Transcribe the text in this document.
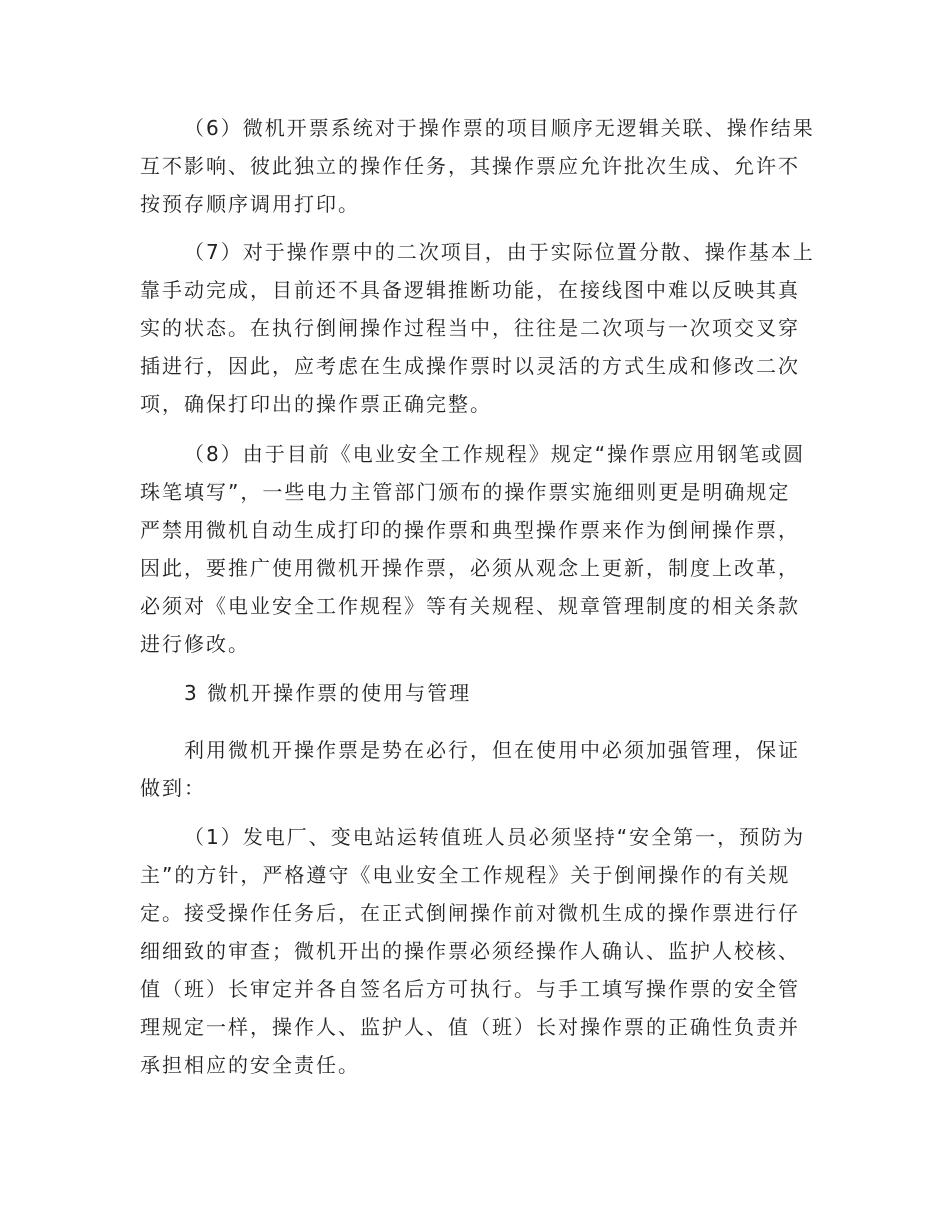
（6）微机开票系统对于操作票的项目顺序无逻辑关联、操作结果
互不影响、彼此独立的操作任务，其操作票应允许批次生成、允许不
按预存顺序调用打印。
（7）对于操作票中的二次项目，由于实际位置分散、操作基本上
靠手动完成，目前还不具备逻辑推断功能，在接线图中难以反映其真
实的状态。在执行倒闸操作过程当中，往往是二次项与一次项交叉穿
插进行，因此，应考虑在生成操作票时以灵活的方式生成和修改二次
项，确保打印出的操作票正确完整。
（8）由于目前《电业安全工作规程》规定“操作票应用钢笔或圆
珠笔填写”，一些电力主管部门颁布的操作票实施细则更是明确规定
严禁用微机自动生成打印的操作票和典型操作票来作为倒闸操作票，
因此，要推广使用微机开操作票，必须从观念上更新，制度上改革，
必须对《电业安全工作规程》等有关规程、规章管理制度的相关条款
进行修改。
3 微机开操作票的使用与管理
利用微机开操作票是势在必行，但在使用中必须加强管理，保证
做到：
（1）发电厂、变电站运转值班人员必须坚持“安全第一，预防为
主”的方针，严格遵守《电业安全工作规程》关于倒闸操作的有关规
定。接受操作任务后，在正式倒闸操作前对微机生成的操作票进行仔
细细致的审查；微机开出的操作票必须经操作人确认、监护人校核、
值（班）长审定并各自签名后方可执行。与手工填写操作票的安全管
理规定一样，操作人、监护人、值（班）长对操作票的正确性负责并
承担相应的安全责任。
